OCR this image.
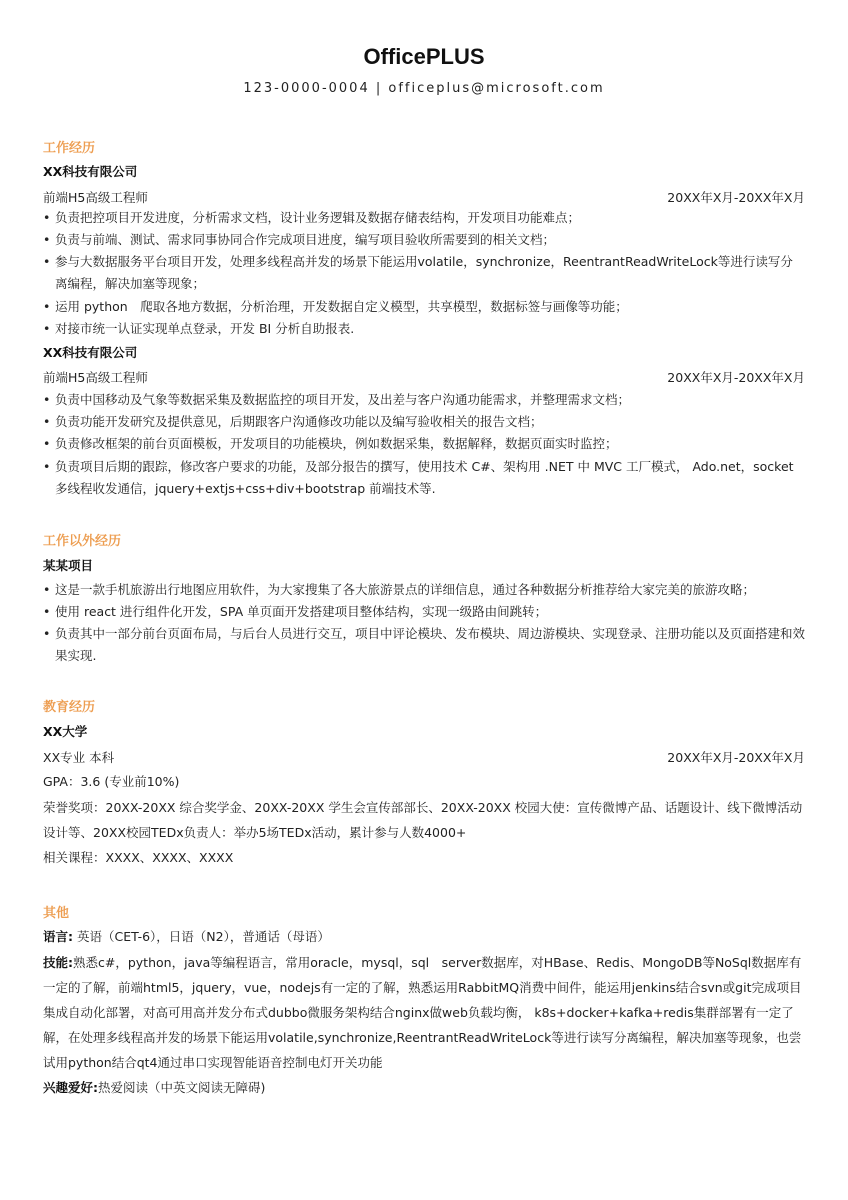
OfficePLUS
123-0000-0004 | officeplus@microsoft.com
工作经历
XX科技有限公司
前端H5高级工程师	20XX年X月-20XX年X月
• 负责把控项目开发进度，分析需求文档，设计业务逻辑及数据存储表结构，开发项目功能难点；
• 负责与前端、测试、需求同事协同合作完成项目进度，编写项目验收所需要到的相关文档；
• 参与大数据服务平台项目开发，处理多线程高并发的场景下能运用volatile，synchronize，ReentrantReadWriteLock等进行读写分离编程，解决加塞等现象；
• 运用 python　爬取各地方数据，分析治理，开发数据自定义模型，共享模型，数据标签与画像等功能；
• 对接市统一认证实现单点登录，开发 BI 分析自助报表.
XX科技有限公司
前端H5高级工程师	20XX年X月-20XX年X月
• 负责中国移动及气象等数据采集及数据监控的项目开发，及出差与客户沟通功能需求，并整理需求文档；
• 负责功能开发研究及提供意见，后期跟客户沟通修改功能以及编写验收相关的报告文档；
• 负责修改框架的前台页面模板，开发项目的功能模块，例如数据采集，数据解释，数据页面实时监控；
• 负责项目后期的跟踪，修改客户要求的功能，及部分报告的撰写，使用技术 C#、架构用 .NET 中 MVC 工厂模式， Ado.net，socket 多线程收发通信，jquery+extjs+css+div+bootstrap 前端技术等.
工作以外经历
某某项目
• 这是一款手机旅游出行地图应用软件，为大家搜集了各大旅游景点的详细信息，通过各种数据分析推荐给大家完美的旅游攻略；
• 使用 react 进行组件化开发，SPA 单页面开发搭建项目整体结构，实现一级路由间跳转；
• 负责其中一部分前台页面布局，与后台人员进行交互，项目中评论模块、发布模块、周边游模块、实现登录、注册功能以及页面搭建和效果实现.
教育经历
XX大学
XX专业 本科	20XX年X月-20XX年X月
GPA：3.6 (专业前10%)
荣誉奖项：20XX-20XX 综合奖学金、20XX-20XX 学生会宣传部部长、20XX-20XX 校园大使：宣传微博产品、话题设计、线下微博活动设计等、20XX校园TEDx负责人：举办5场TEDx活动，累计参与人数4000+
相关课程：XXXX、XXXX、XXXX
其他
语言: 英语（CET-6），日语（N2），普通话（母语）
技能:熟悉c#，python，java等编程语言，常用oracle，mysql，sql　server数据库，对HBase、Redis、MongoDB等NoSql数据库有一定的了解，前端html5，jquery，vue，nodejs有一定的了解，熟悉运用RabbitMQ消费中间件，能运用jenkins结合svn或git完成项目集成自动化部署，对高可用高并发分布式dubbo微服务架构结合nginx做web负载均衡， k8s+docker+kafka+redis集群部署有一定了解，在处理多线程高并发的场景下能运用volatile,synchronize,ReentrantReadWriteLock等进行读写分离编程，解决加塞等现象，也尝试用python结合qt4通过串口实现智能语音控制电灯开关功能
兴趣爱好:热爱阅读（中英文阅读无障碍)
